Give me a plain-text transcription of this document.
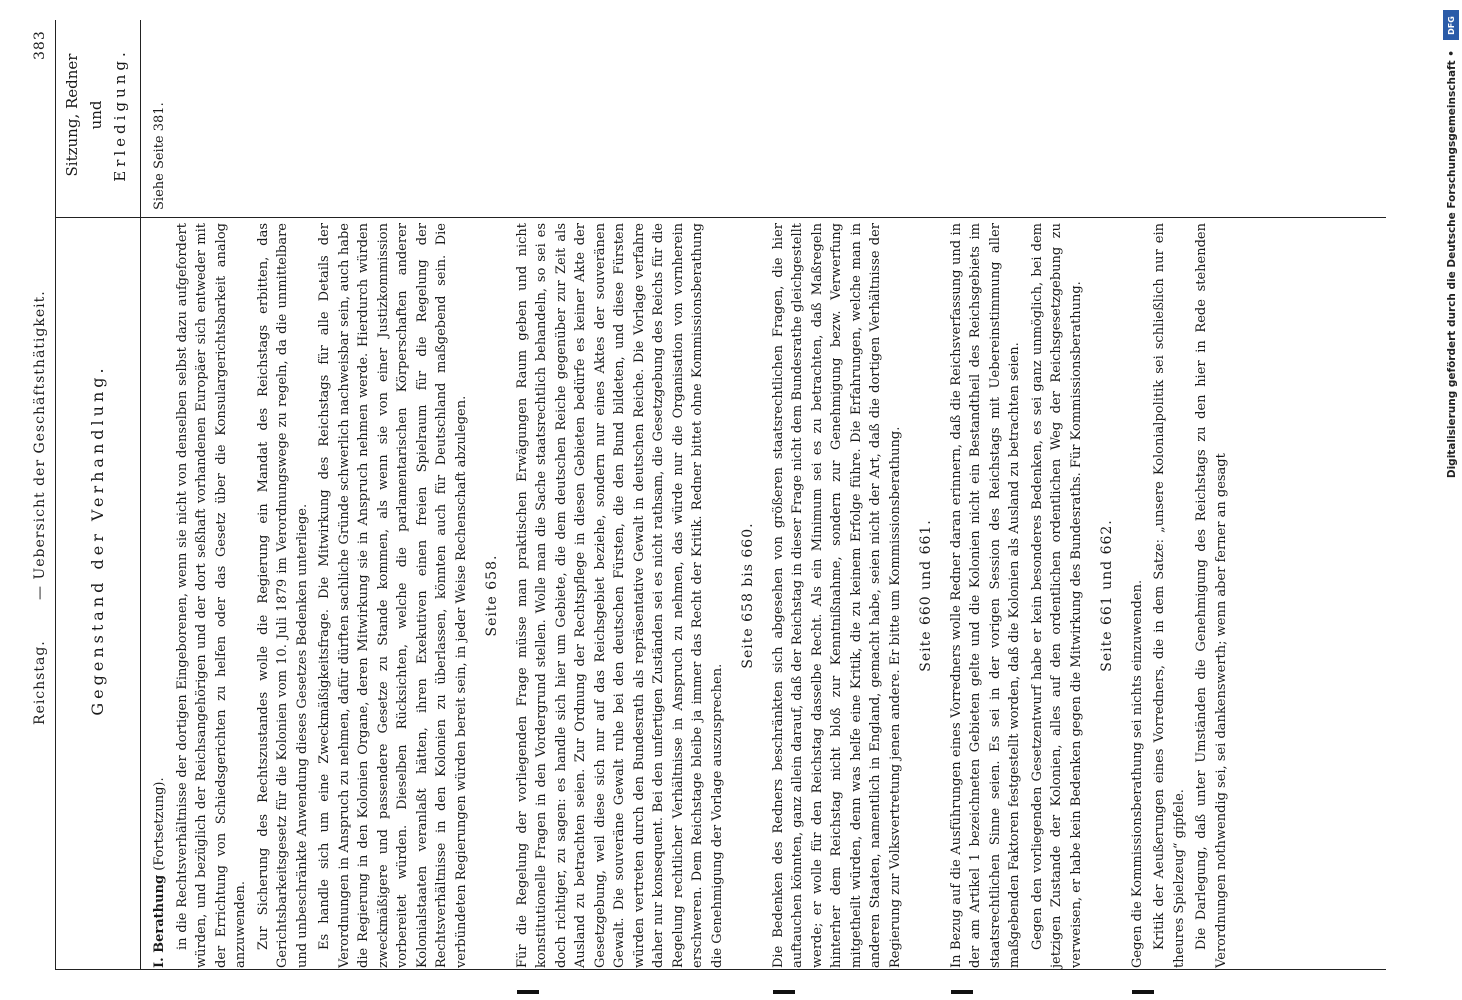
Reichstag.
— Uebersicht der Geschäftsthätigkeit.
383
Gegenstand der Verhandlung.
Sitzung, Redner und Erledigung.

I. Berathung (Fortsetzung). in die Rechtsverhältnisse der dortigen Eingeborenen, wenn sie nicht von denselben selbst dazu aufgefordert würden, und bezüglich der Reichsangehörigen und der dort seßhaft vorhandenen Europäer sich entweder mit der Errichtung von Schiedsgerichten zu helfen oder das Gesetz über die Konsulargerichtsbarkeit analog anzuwenden. Zur Sicherung des Rechtszustandes wolle die Regierung ein Mandat des Reichstags erbitten, das Gerichtsbarkeitsgesetz für die Kolonien vom 10. Juli 1879 im Verordnungswege zu regeln, da die unmittelbare und unbeschränkte Anwendung dieses Gesetzes Bedenken unterliege. Es handle sich um eine Zweckmäßigkeitsfrage. Die Mitwirkung des Reichstags für alle Details der Verordnungen in Anspruch zu nehmen, dafür dürften sachliche Gründe schwerlich nachweisbar sein, auch habe die Regierung in den Kolonien Organe, deren Mitwirkung sie in Anspruch nehmen werde. Hierdurch würden zweckmäßigere und passendere Gesetze zu Stande kommen, als wenn sie von einer Justizkommission vorbereitet würden. Dieselben Rücksichten, welche die parlamentarischen Körperschaften anderer Kolonialstaaten veranlaßt hätten, ihren Exekutiven einen freien Spielraum für die Regelung der Rechtsverhältnisse in den Kolonien zu überlassen, könnten auch für Deutschland maßgebend sein. Die verbündeten Regierungen würden bereit sein, in jeder Weise Rechenschaft abzulegen. Seite 658. Für die Regelung der vorliegenden Frage müsse man praktischen Erwägungen Raum geben und nicht konstitutionelle Fragen in den Vordergrund stellen. Wolle man die Sache staatsrechtlich behandeln, so sei es doch richtiger, zu sagen: es handle sich hier um Gebiete, die dem deutschen Reiche gegenüber zur Zeit als Ausland zu betrachten seien. Zur Ordnung der Rechtspflege in diesen Gebieten bedürfe es keiner Akte der Gesetzgebung, weil diese sich nur auf das Reichsgebiet beziehe, sondern nur eines Aktes der souveränen Gewalt. Die souveräne Gewalt ruhe bei den deutschen Fürsten, die den Bund bildeten, und diese Fürsten würden vertreten durch den Bundesrath als repräsentative Gewalt in deutschen Reiche. Die Vorlage verfahre daher nur konsequent. Bei den unfertigen Zuständen sei es nicht rathsam, die Gesetzgebung des Reichs für die Regelung rechtlicher Verhältnisse in Anspruch zu nehmen, das würde nur die Organisation von vornherein erschweren. Dem Reichstage bleibe ja immer das Recht der Kritik. Redner bittet ohne Kommissionsberathung die Genehmigung der Vorlage auszusprechen.

Seite 658 bis 660. Die Bedenken des Redners beschränkten sich abgesehen von größeren staatsrechtlichen Fragen, die hier auftauchen könnten, ganz allein darauf, daß der Reichstag in dieser Frage nicht dem Bundesrathe gleichgestellt werde; er wolle für den Reichstag dasselbe Recht. Als ein Minimum sei es zu betrachten, daß Maßregeln hinterher dem Reichstag nicht bloß zur Kenntnißnahme, sondern zur Genehmigung bezw. Verwerfung mitgetheilt würden, denn was helfe eine Kritik, die zu keinem Erfolge führe. Die Erfahrungen, welche man in anderen Staaten, namentlich in England, gemacht habe, seien nicht der Art, daß die dortigen Verhältnisse der Regierung zur Volksvertretung jenen andere. Er bitte um Kommissionsberathung. Seite 660 und 661. In Bezug auf die Ausführungen eines Vorredners wolle Redner daran erinnern, daß die Reichsverfassung und in der am Artikel 1 bezeichneten Gebieten gelte und die Kolonien nicht ein Bestandtheil des Reichsgebiets im staatsrechtlichen Sinne seien. Es sei in der vorigen Session des Reichstags mit Uebereinstimmung aller maßgebenden Faktoren festgestellt worden, daß die Kolonien als Ausland zu betrachten seien. Gegen den vorliegenden Gesetzentwurf habe er kein besonderes Bedenken, es sei ganz unmöglich, bei dem jetzigen Zustande der Kolonien, alles auf den ordentlichen ordentlichen Weg der Reichsgesetzgebung zu verweisen, er habe kein Bedenken gegen die Mitwirkung des Bundesraths. Für Kommissionsberathung. Seite 661 und 662. Gegen die Kommissionsberathung sei nichts einzuwenden. Kritik der Aeußerungen eines Vorredners, die in dem Satze: „unsere Kolonialpolitik sei schließlich nur ein theures Spielzeug“ gipfele. Die Darlegung, daß unter Umständen die Genehmigung des Reichstags zu den hier in Rede stehenden Verordnungen nothwendig sei, sei dankenswerth; wenn aber ferner an gesagt

Siehe Seite 381.
DFG
Digitalisierung gefördert durch die Deutsche Forschungsgemeinschaft •
